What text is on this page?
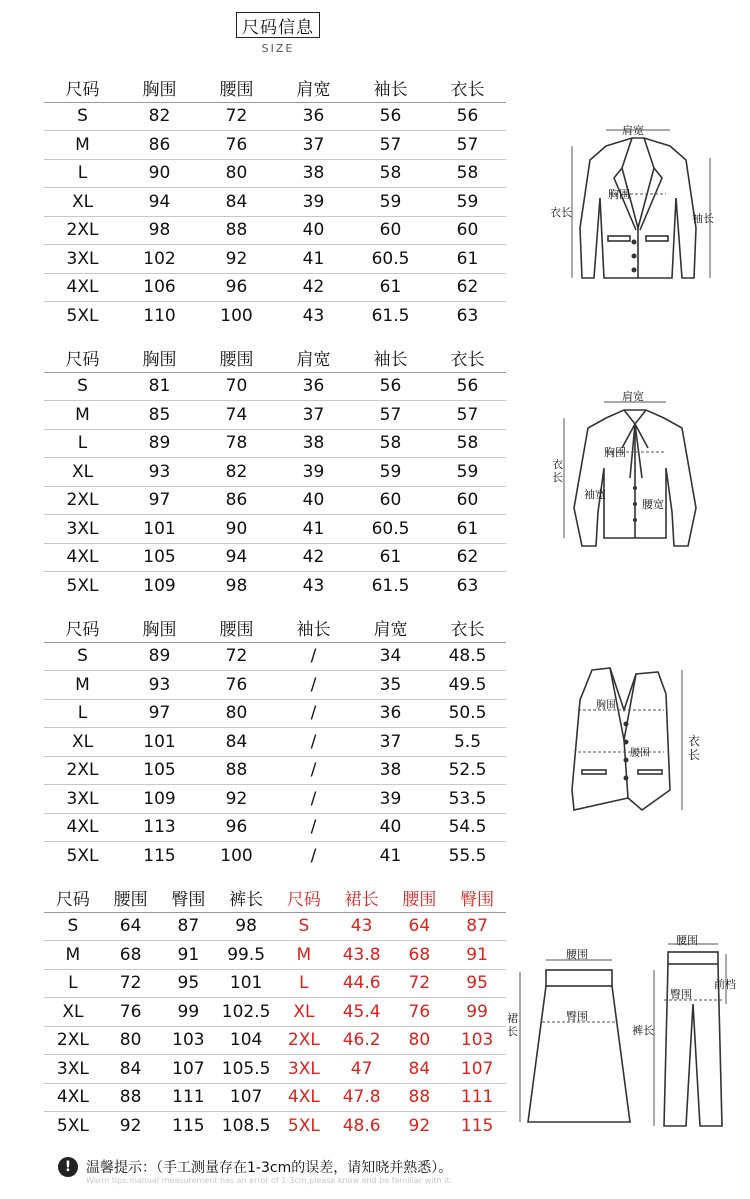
尺码信息
SIZE
尺码	胸围	腰围	肩宽	袖长	衣长
S	82	72	36	56	56
M	86	76	37	57	57
L	90	80	38	58	58
XL	94	84	39	59	59
2XL	98	88	40	60	60
3XL	102	92	41	60.5	61
4XL	106	96	42	61	62
5XL	110	100	43	61.5	63
尺码	胸围	腰围	肩宽	袖长	衣长
S	81	70	36	56	56
M	85	74	37	57	57
L	89	78	38	58	58
XL	93	82	39	59	59
2XL	97	86	40	60	60
3XL	101	90	41	60.5	61
4XL	105	94	42	61	62
5XL	109	98	43	61.5	63
尺码	胸围	腰围	袖长	肩宽	衣长
S	89	72	/	34	48.5
M	93	76	/	35	49.5
L	97	80	/	36	50.5
XL	101	84	/	37	5.5
2XL	105	88	/	38	52.5
3XL	109	92	/	39	53.5
4XL	113	96	/	40	54.5
5XL	115	100	/	41	55.5
尺码	腰围	臀围	裤长	尺码	裙长	腰围	臀围
S	64	87	98	S	43	64	87
M	68	91	99.5	M	43.8	68	91
L	72	95	101	L	44.6	72	95
XL	76	99	102.5	XL	45.4	76	99
2XL	80	103	104	2XL	46.2	80	103
3XL	84	107	105.5	3XL	47	84	107
4XL	88	111	107	4XL	47.8	88	111
5XL	92	115	108.5	5XL	48.6	92	115
肩宽
胸围
衣长	袖长
肩宽
胸围
衣长
袖宽
腰宽
胸围
腰围
衣长
腰围
臀围
裙长
腰围
臀围
前档
裤长
!	温馨提示：（手工测量存在1-3cm的误差，请知晓并熟悉）。
Warm tips:manual measurement has an error of 1-3cm,please know and be familiar with it.
